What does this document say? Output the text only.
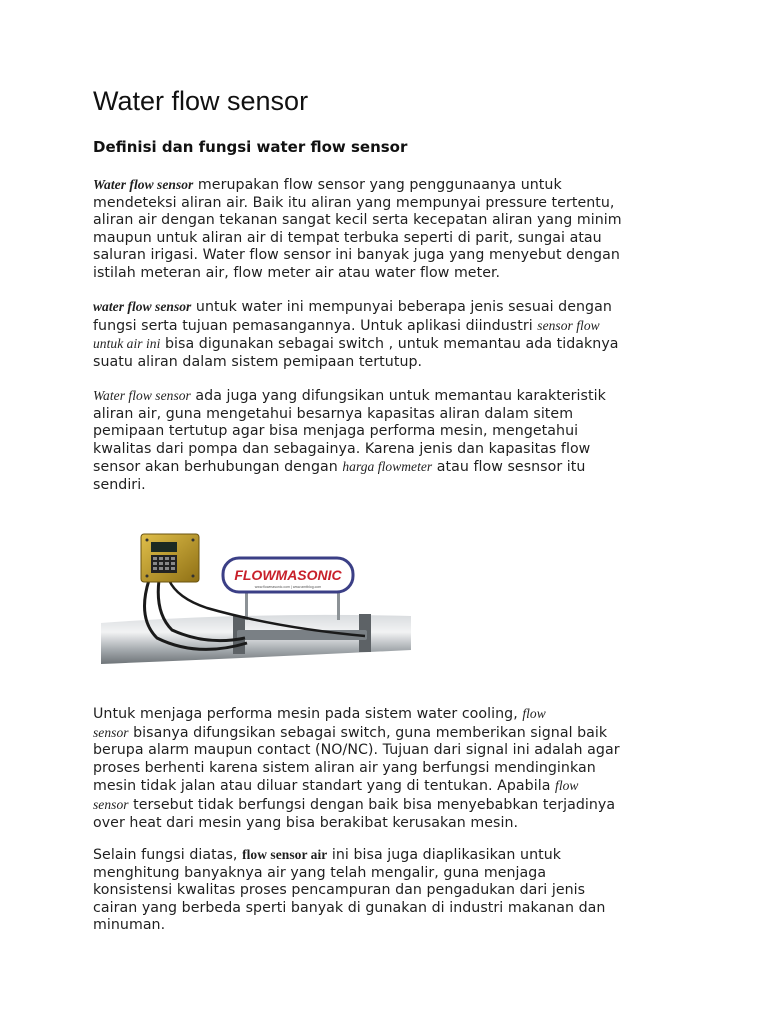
Water flow sensor
Definisi dan fungsi water flow sensor

Water flow sensor merupakan flow sensor yang penggunaanya untuk
mendeteksi aliran air. Baik itu aliran yang mempunyai pressure tertentu,
aliran air dengan tekanan sangat kecil serta kecepatan aliran yang minim
maupun untuk aliran air di tempat terbuka seperti di parit, sungai atau
saluran irigasi. Water flow sensor ini banyak juga yang menyebut dengan
istilah meteran air, flow meter air atau water flow meter.

water flow sensor untuk water ini mempunyai beberapa jenis sesuai dengan
fungsi serta tujuan pemasangannya. Untuk aplikasi diindustri sensor flow
untuk air ini bisa digunakan sebagai switch , untuk memantau ada tidaknya
suatu aliran dalam sistem pemipaan tertutup.

Water flow sensor ada juga yang difungsikan untuk memantau karakteristik
aliran air, guna mengetahui besarnya kapasitas aliran dalam sitem
pemipaan tertutup agar bisa menjaga performa mesin, mengetahui
kwalitas dari pompa dan sebagainya. Karena jenis dan kapasitas flow
sensor akan berhubungan dengan harga flowmeter atau flow sesnsor itu
sendiri.

Untuk menjaga performa mesin pada sistem water cooling, flow
sensor bisanya difungsikan sebagai switch, guna memberikan signal baik
berupa alarm maupun contact (NO/NC). Tujuan dari signal ini adalah agar
proses berhenti karena sistem aliran air yang berfungsi mendinginkan
mesin tidak jalan atau diluar standart yang di tentukan. Apabila flow
sensor tersebut tidak berfungsi dengan baik bisa menyebabkan terjadinya
over heat dari mesin yang bisa berakibat kerusakan mesin.

Selain fungsi diatas, flow sensor air ini bisa juga diaplikasikan untuk
menghitung banyaknya air yang telah mengalir, guna menjaga
konsistensi kwalitas proses pencampuran dan pengadukan dari jenis
cairan yang berbeda sperti banyak di gunakan di industri makanan dan
minuman.

FLOWMASONIC
www.flowmasonic.com | www.amtblog.com
